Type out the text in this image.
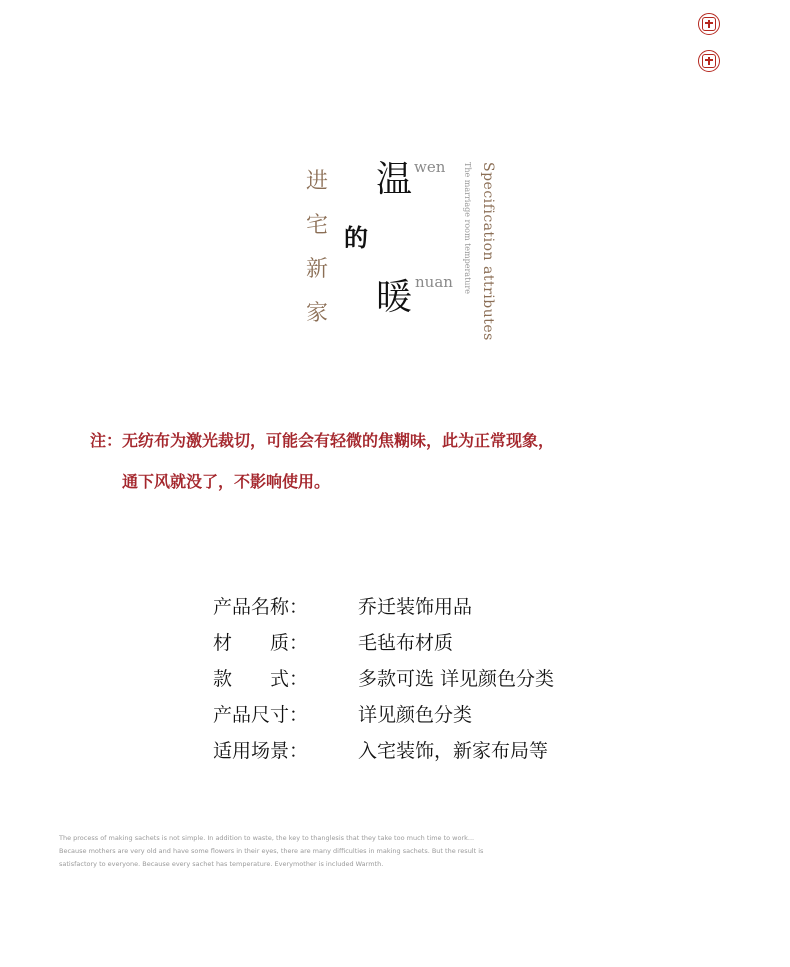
进
宅
新
家
温 wen
的
暖 nuan Specification attributes
The marriage room temperature
注：无纺布为激光裁切，可能会有轻微的焦糊味，此为正常现象，
通下风就没了，不影响使用。
产品名称：	乔迁装饰用品
材　　质：	毛毡布材质
款　　式：	多款可选 详见颜色分类
产品尺寸：	详见颜色分类
适用场景：	入宅装饰，新家布局等
The process of making sachets is not simple. In addition to waste, the key to thanglesis that they take too much time to work... Because mothers are very old and have some flowers in their eyes, there are many difficulties in making sachets. But the result is satisfactory to everyone. Because every sachet has temperature. Everymother is included Warmth.
